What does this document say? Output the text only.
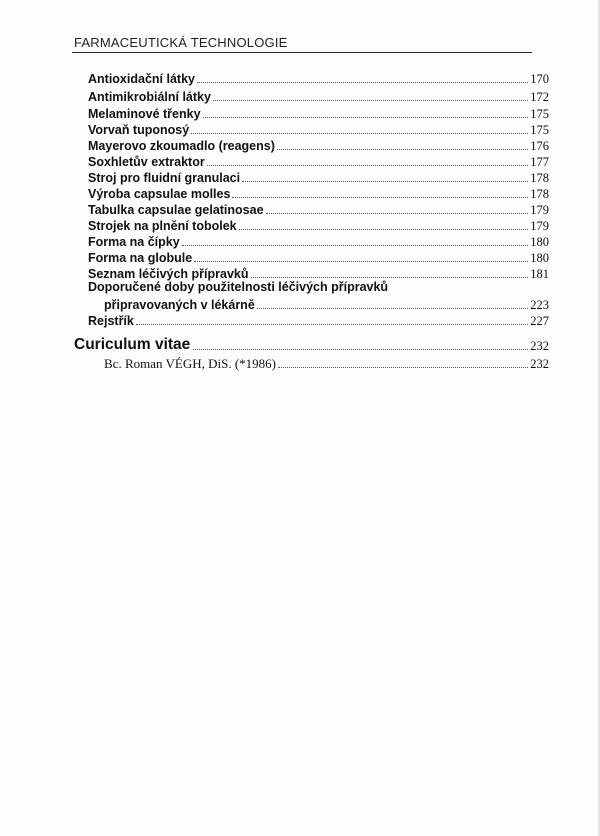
FARMACEUTICKÁ TECHNOLOGIE
Antioxidační látky	170
Antimikrobiální látky	172
Melaminové třenky	175
Vorvaň tuponosý	175
Mayerovo zkoumadlo (reagens)	176
Soxhletův extraktor	177
Stroj pro fluidní granulaci	178
Výroba capsulae molles	178
Tabulka capsulae gelatinosae	179
Strojek na plnění tobolek	179
Forma na čípky	180
Forma na globule	180
Seznam léčivých přípravků	181
Doporučené doby použitelnosti léčivých přípravků
připravovaných v lékárně	223
Rejstřík	227
Curiculum vitae	232
Bc. Roman VÉGH, DiS. (*1986)	232
